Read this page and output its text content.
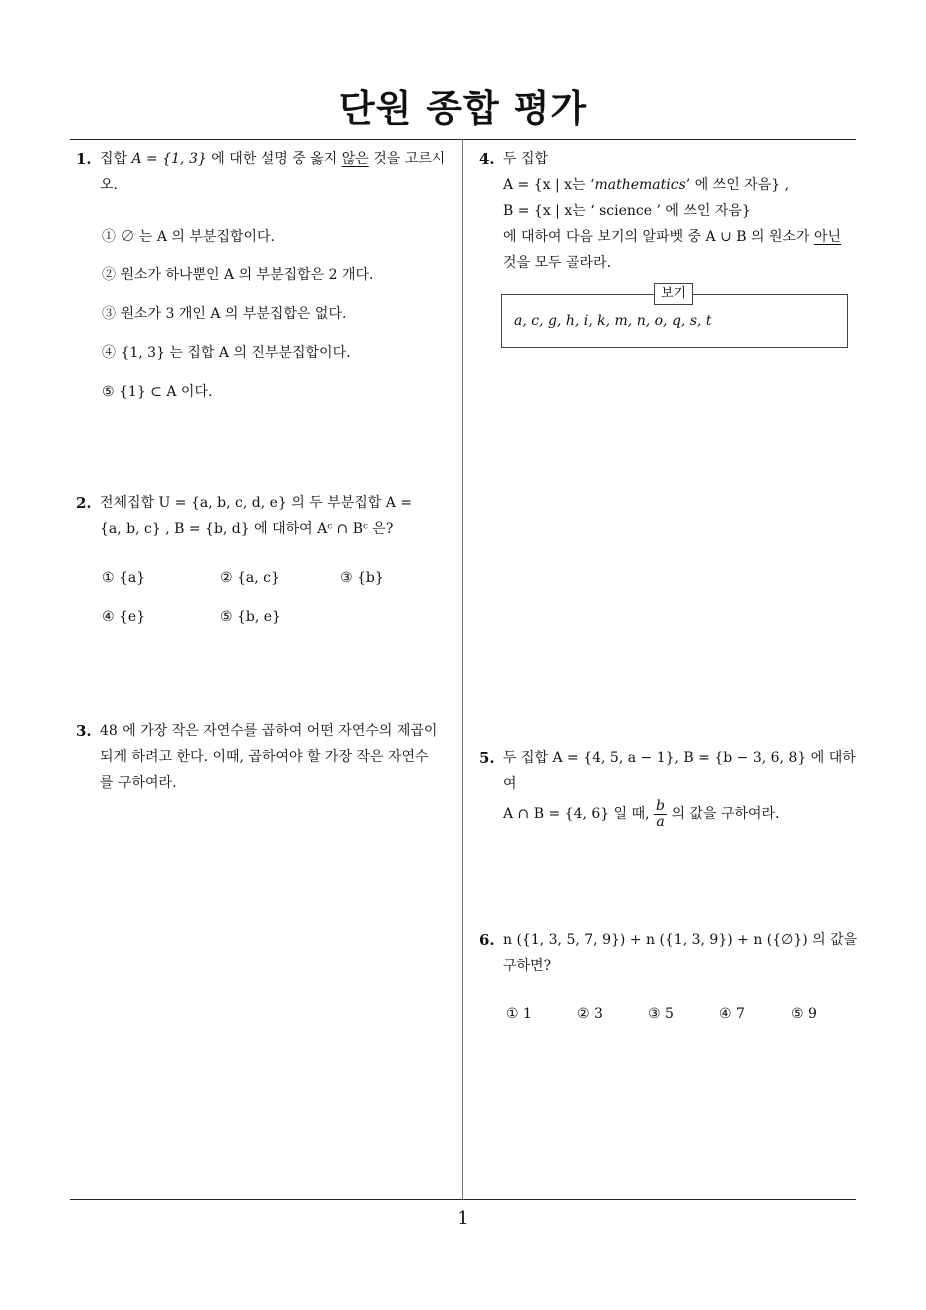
단원 종합 평가
1. 집합 A = {1, 3} 에 대한 설명 중 옳지 않은 것을 고르시오.
① ∅ 는 A 의 부분집합이다.
② 원소가 하나뿐인 A 의 부분집합은 2 개다.
③ 원소가 3 개인 A 의 부분집합은 없다.
④ {1, 3} 는 집합 A 의 진부분집합이다.
⑤ {1} ⊂ A 이다.
2. 전체집합 U = {a, b, c, d, e} 의 두 부분집합 A =
{a, b, c} , B = {b, d} 에 대하여 Aᶜ ∩ Bᶜ 은?
① {a}	② {a, c}	③ {b}
④ {e}	⑤ {b, e}
3. 48 에 가장 작은 자연수를 곱하여 어떤 자연수의 제곱이
되게 하려고 한다. 이때, 곱하여야 할 가장 작은 자연수
를 구하여라.
4. 두 집합
A = {x | x는 ‘mathematics’ 에 쓰인 자음} ,
B = {x | x는 ‘ science ’ 에 쓰인 자음}
에 대하여 다음 보기의 알파벳 중 A ∪ B 의 원소가 아닌
것을 모두 골라라.
보기
a, c, g, h, i, k, m, n, o, q, s, t
5. 두 집합 A = {4, 5, a − 1}, B = {b − 3, 6, 8} 에 대하여
A ∩ B = {4, 6} 일 때, $\frac{b}{a}$ 의 값을 구하여라.
6. n ({1, 3, 5, 7, 9}) + n ({1, 3, 9}) + n ({∅}) 의 값을
구하면?
① 1	② 3	③ 5	④ 7	⑤ 9
1
